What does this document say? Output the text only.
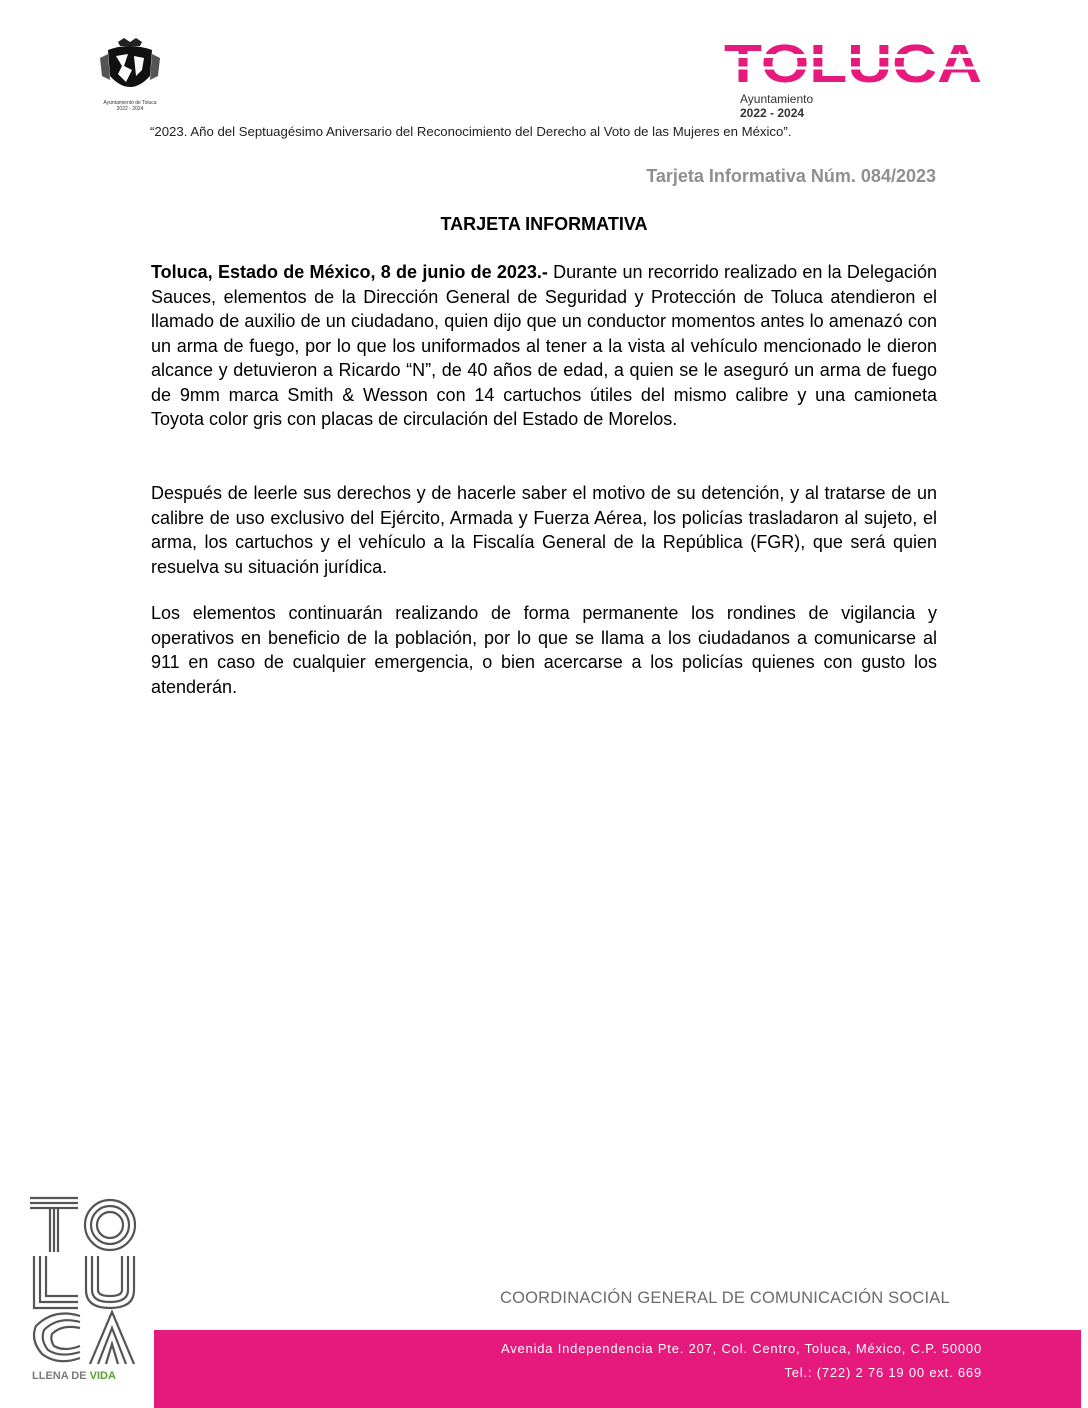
Ayuntamiento de Toluca
2022 - 2024
TOLUCA
Ayuntamiento
2022 - 2024
“2023. Año del Septuagésimo Aniversario del Reconocimiento del Derecho al Voto de las Mujeres en México”.
Tarjeta Informativa Núm. 084/2023
TARJETA INFORMATIVA
Toluca, Estado de México, 8 de junio de 2023.- Durante un recorrido realizado en la Delegación Sauces, elementos de la Dirección General de Seguridad y Protección de Toluca atendieron el llamado de auxilio de un ciudadano, quien dijo que un conductor momentos antes lo amenazó con un arma de fuego, por lo que los uniformados al tener a la vista al vehículo mencionado le dieron alcance y detuvieron a Ricardo “N”, de 40 años de edad, a quien se le aseguró un arma de fuego de 9mm marca Smith & Wesson con 14 cartuchos útiles del mismo calibre y una camioneta Toyota color gris con placas de circulación del Estado de Morelos.
Después de leerle sus derechos y de hacerle saber el motivo de su detención, y al tratarse de un calibre de uso exclusivo del Ejército, Armada y Fuerza Aérea, los policías trasladaron al sujeto, el arma, los cartuchos y el vehículo a la Fiscalía General de la República (FGR), que será quien resuelva su situación jurídica.
Los elementos continuarán realizando de forma permanente los rondines de vigilancia y operativos en beneficio de la población, por lo que se llama a los ciudadanos a comunicarse al 911 en caso de cualquier emergencia, o bien acercarse a los policías quienes con gusto los atenderán.
LLENA DE VIDA
COORDINACIÓN GENERAL DE COMUNICACIÓN SOCIAL
Avenida Independencia Pte. 207, Col. Centro, Toluca, México, C.P. 50000
Tel.: (722) 2 76 19 00 ext. 669
